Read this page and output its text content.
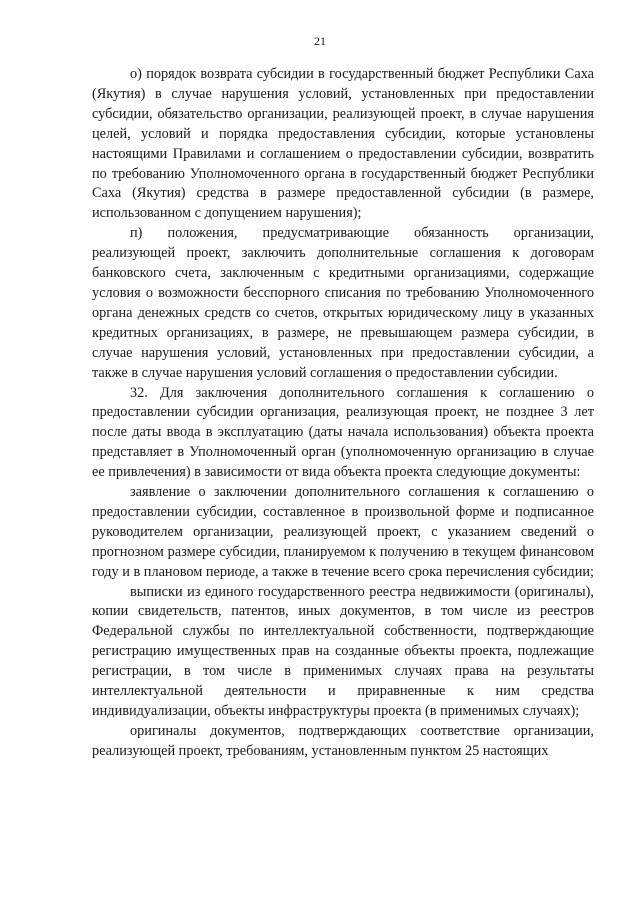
21

о) порядок возврата субсидии в государственный бюджет Республики Саха (Якутия) в случае нарушения условий, установленных при предоставлении субсидии, обязательство организации, реализующей проект, в случае нарушения целей, условий и порядка предоставления субсидии, которые установлены настоящими Правилами и соглашением о предоставлении субсидии, возвратить по требованию Уполномоченного органа в государственный бюджет Республики Саха (Якутия) средства в размере предоставленной субсидии (в размере, использованном с допущением нарушения);

п) положения, предусматривающие обязанность организации, реализующей проект, заключить дополнительные соглашения к договорам банковского счета, заключенным с кредитными организациями, содержащие условия о возможности бесспорного списания по требованию Уполномоченного органа денежных средств со счетов, открытых юридическому лицу в указанных кредитных организациях, в размере, не превышающем размера субсидии, в случае нарушения условий, установленных при предоставлении субсидии, а также в случае нарушения условий соглашения о предоставлении субсидии.

32. Для заключения дополнительного соглашения к соглашению о предоставлении субсидии организация, реализующая проект, не позднее 3 лет после даты ввода в эксплуатацию (даты начала использования) объекта проекта представляет в Уполномоченный орган (уполномоченную организацию в случае ее привлечения) в зависимости от вида объекта проекта следующие документы:

заявление о заключении дополнительного соглашения к соглашению о предоставлении субсидии, составленное в произвольной форме и подписанное руководителем организации, реализующей проект, с указанием сведений о прогнозном размере субсидии, планируемом к получению в текущем финансовом году и в плановом периоде, а также в течение всего срока перечисления субсидии;

выписки из единого государственного реестра недвижимости (оригиналы), копии свидетельств, патентов, иных документов, в том числе из реестров Федеральной службы по интеллектуальной собственности, подтверждающие регистрацию имущественных прав на созданные объекты проекта, подлежащие регистрации, в том числе в применимых случаях права на результаты интеллектуальной деятельности и приравненные к ним средства индивидуализации, объекты инфраструктуры проекта (в применимых случаях);

оригиналы документов, подтверждающих соответствие организации, реализующей проект, требованиям, установленным пунктом 25 настоящих
